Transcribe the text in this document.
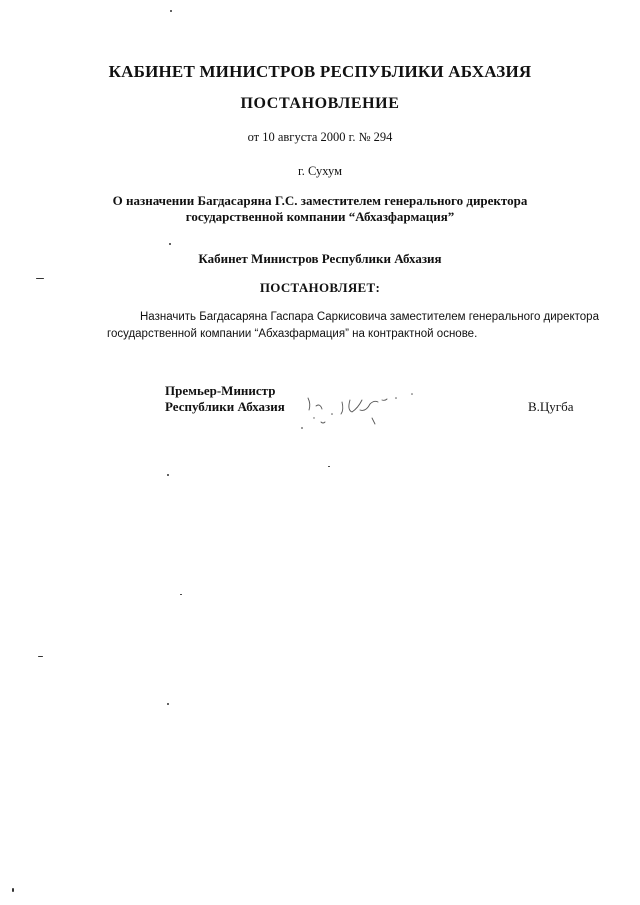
КАБИНЕТ МИНИСТРОВ РЕСПУБЛИКИ АБХАЗИЯ
ПОСТАНОВЛЕНИЕ
от 10 августа 2000 г. № 294
г. Сухум
О назначении Багдасаряна Г.С. заместителем генерального директора
государственной компании “Абхазфармация”
Кабинет Министров Республики Абхазия
ПОСТАНОВЛЯЕТ:
Назначить Багдасаряна Гаспара Саркисовича заместителем генерального директора
государственной компании “Абхазфармация” на контрактной основе.
Премьер-Министр
Республики Абхазия	В.Цугба
